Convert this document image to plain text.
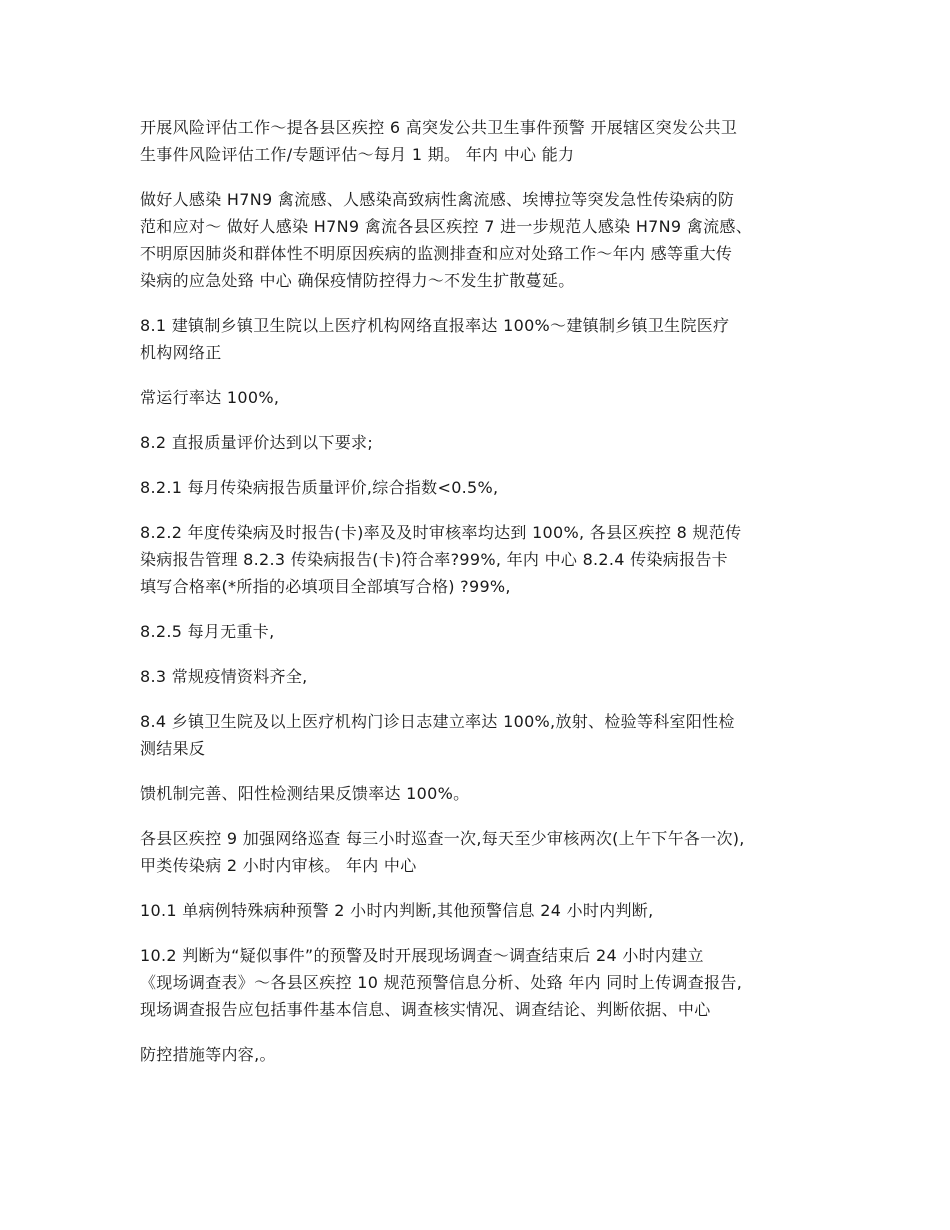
开展风险评估工作～提各县区疾控 6 高突发公共卫生事件预警 开展辖区突发公共卫
生事件风险评估工作/专题评估～每月 1 期。 年内 中心 能力

做好人感染 H7N9 禽流感、人感染高致病性禽流感、埃博拉等突发急性传染病的防
范和应对～ 做好人感染 H7N9 禽流各县区疾控 7 进一步规范人感染 H7N9 禽流感、
不明原因肺炎和群体性不明原因疾病的监测排查和应对处臵工作～年内 感等重大传
染病的应急处臵 中心 确保疫情防控得力～不发生扩散蔓延。

8.1 建镇制乡镇卫生院以上医疗机构网络直报率达 100%～建镇制乡镇卫生院医疗
机构网络正

常运行率达 100%,

8.2 直报质量评价达到以下要求;

8.2.1 每月传染病报告质量评价,综合指数<0.5%,

8.2.2 年度传染病及时报告(卡)率及及时审核率均达到 100%, 各县区疾控 8 规范传
染病报告管理 8.2.3 传染病报告(卡)符合率?99%, 年内 中心 8.2.4 传染病报告卡
填写合格率(*所指的必填项目全部填写合格) ?99%,

8.2.5 每月无重卡,

8.3 常规疫情资料齐全,

8.4 乡镇卫生院及以上医疗机构门诊日志建立率达 100%,放射、检验等科室阳性检
测结果反

馈机制完善、阳性检测结果反馈率达 100%。

各县区疾控 9 加强网络巡查 每三小时巡查一次,每天至少审核两次(上午下午各一次),
甲类传染病 2 小时内审核。 年内 中心

10.1 单病例特殊病种预警 2 小时内判断,其他预警信息 24 小时内判断,

10.2 判断为“疑似事件”的预警及时开展现场调查～调查结束后 24 小时内建立
《现场调查表》～各县区疾控 10 规范预警信息分析、处臵 年内 同时上传调查报告,
现场调查报告应包括事件基本信息、调查核实情况、调查结论、判断依据、中心

防控措施等内容,。
